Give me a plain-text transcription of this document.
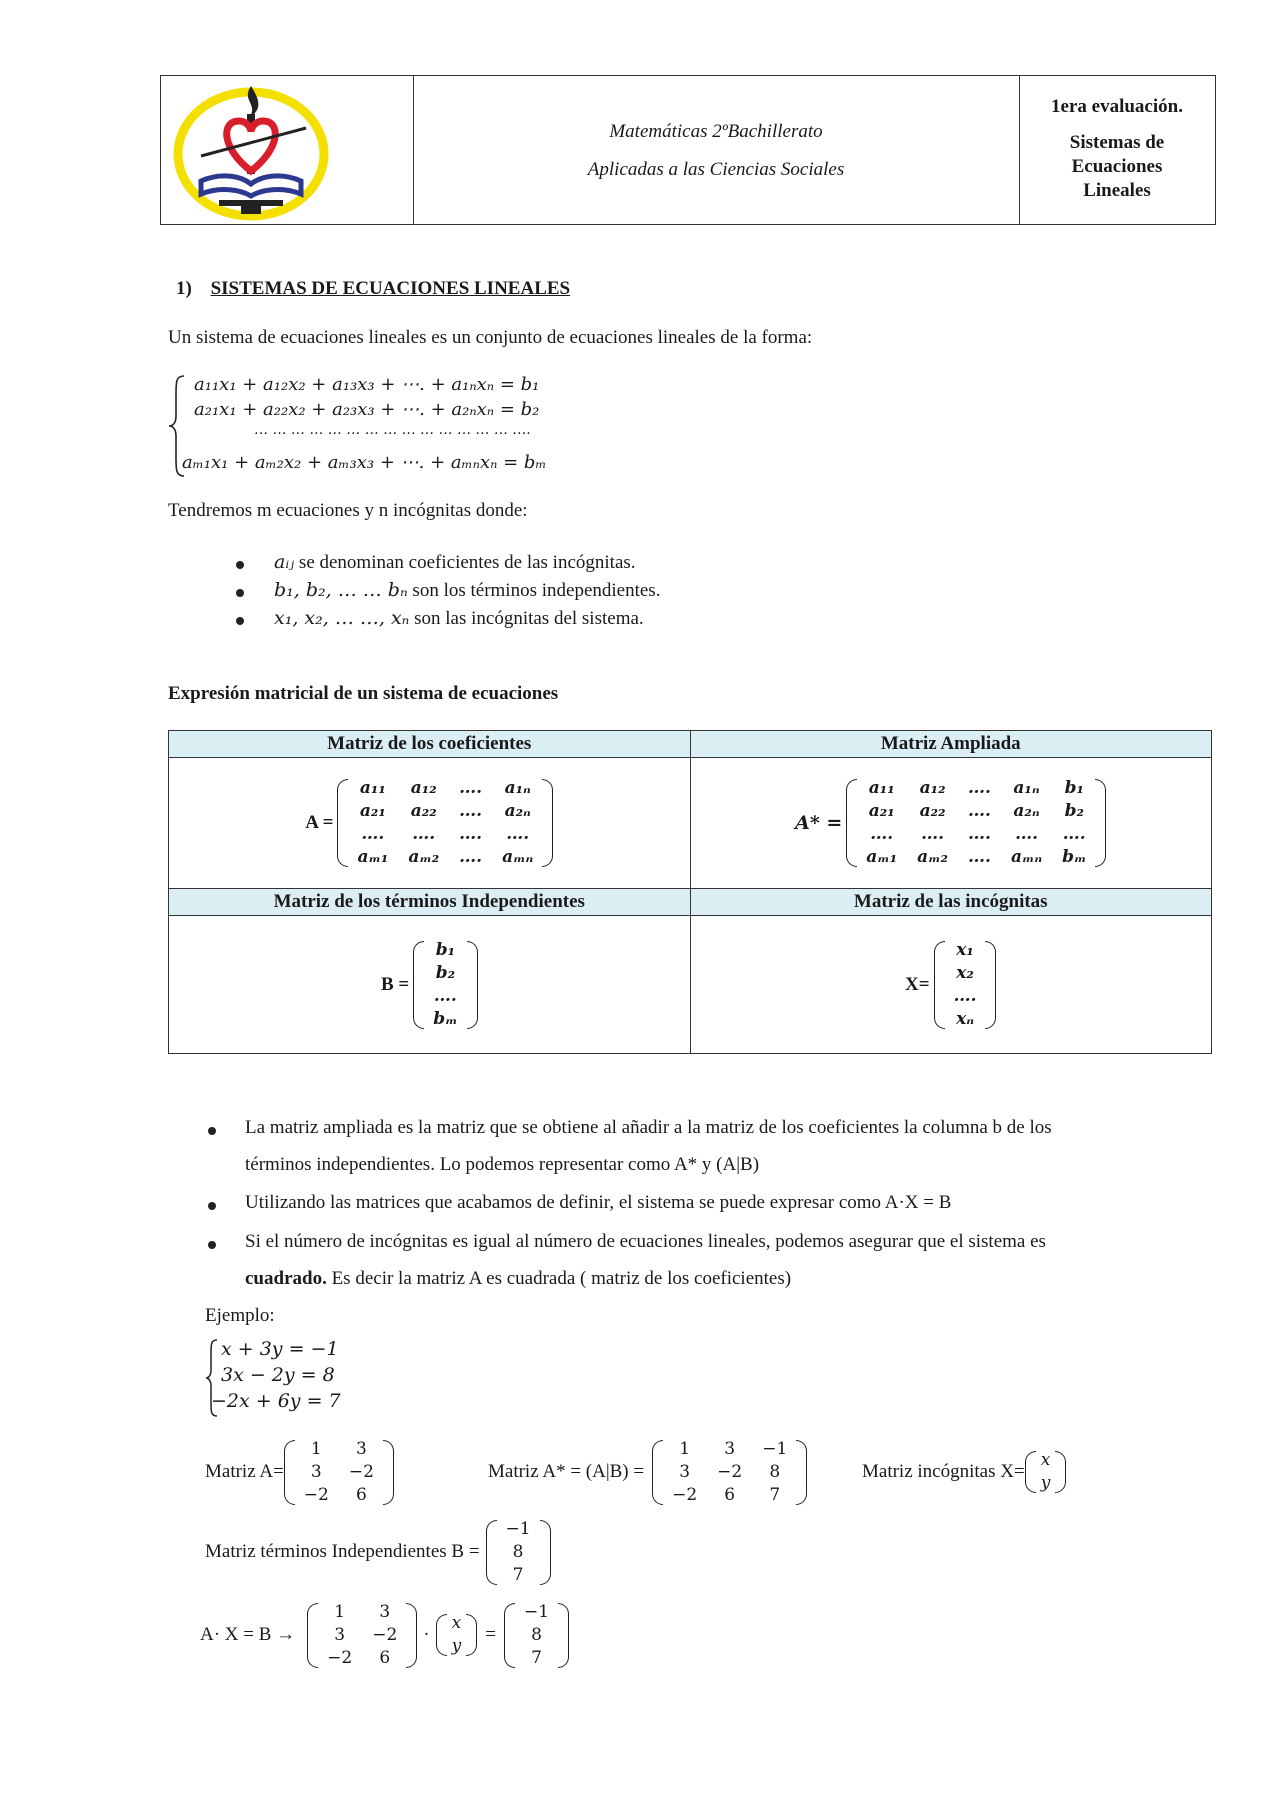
Matemáticas 2ºBachillerato
Aplicadas a las Ciencias Sociales
1era evaluación.
Sistemas de
Ecuaciones
Lineales
1) SISTEMAS DE ECUACIONES LINEALES
Un sistema de ecuaciones lineales es un conjunto de ecuaciones lineales de la forma:
a₁₁x₁ + a₁₂x₂ + a₁₃x₃ + ⋯. + a₁ₙxₙ = b₁
a₂₁x₁ + a₂₂x₂ + a₂₃x₃ + ⋯. + a₂ₙxₙ = b₂
… … … … … … … … … … … … … … ….
aₘ₁x₁ + aₘ₂x₂ + aₘ₃x₃ + ⋯. + aₘₙxₙ = bₘ
Tendremos m ecuaciones y n incógnitas donde:
aᵢⱼ se denominan coeficientes de las incógnitas.
b₁, b₂, … … bₙ son los términos independientes.
x₁, x₂, … …, xₙ son las incógnitas del sistema.
Expresión matricial de un sistema de ecuaciones
Matriz de los coeficientes	Matriz Ampliada
A =
a₁₁	a₁₂	….	a₁ₙ
a₂₁	a₂₂	….	a₂ₙ
….	….	….	….
aₘ₁	aₘ₂	….	aₘₙ
	A* =
a₁₁	a₁₂	….	a₁ₙ	b₁
a₂₁	a₂₂	….	a₂ₙ	b₂
….	….	….	….	….
aₘ₁	aₘ₂	….	aₘₙ	bₘ

Matriz de los términos Independientes	Matriz de las incógnitas
B =
b₁
b₂
….
bₘ
	X=
x₁
x₂
….
xₙ
La matriz ampliada es la matriz que se obtiene al añadir a la matriz de los coeficientes la columna b de los
términos independientes. Lo podemos representar como A* y (A|B)
Utilizando las matrices que acabamos de definir, el sistema se puede expresar como A·X = B
Si el número de incógnitas es igual al número de ecuaciones lineales, podemos asegurar que el sistema es
cuadrado. Es decir la matriz A es cuadrada ( matriz de los coeficientes)
Ejemplo:
x + 3y = −1
3x − 2y = 8
−2x + 6y = 7
Matriz A=
1	3
3	−2
−2	6
Matriz A* = (A|B) =
1	3	−1
3	−2	8
−2	6	7
Matriz incógnitas X=
x
y
Matriz términos Independientes B =
−1
8
7
A· X = B →
1	3
3	−2
−2	6
·
x
y
=
−1
8
7
